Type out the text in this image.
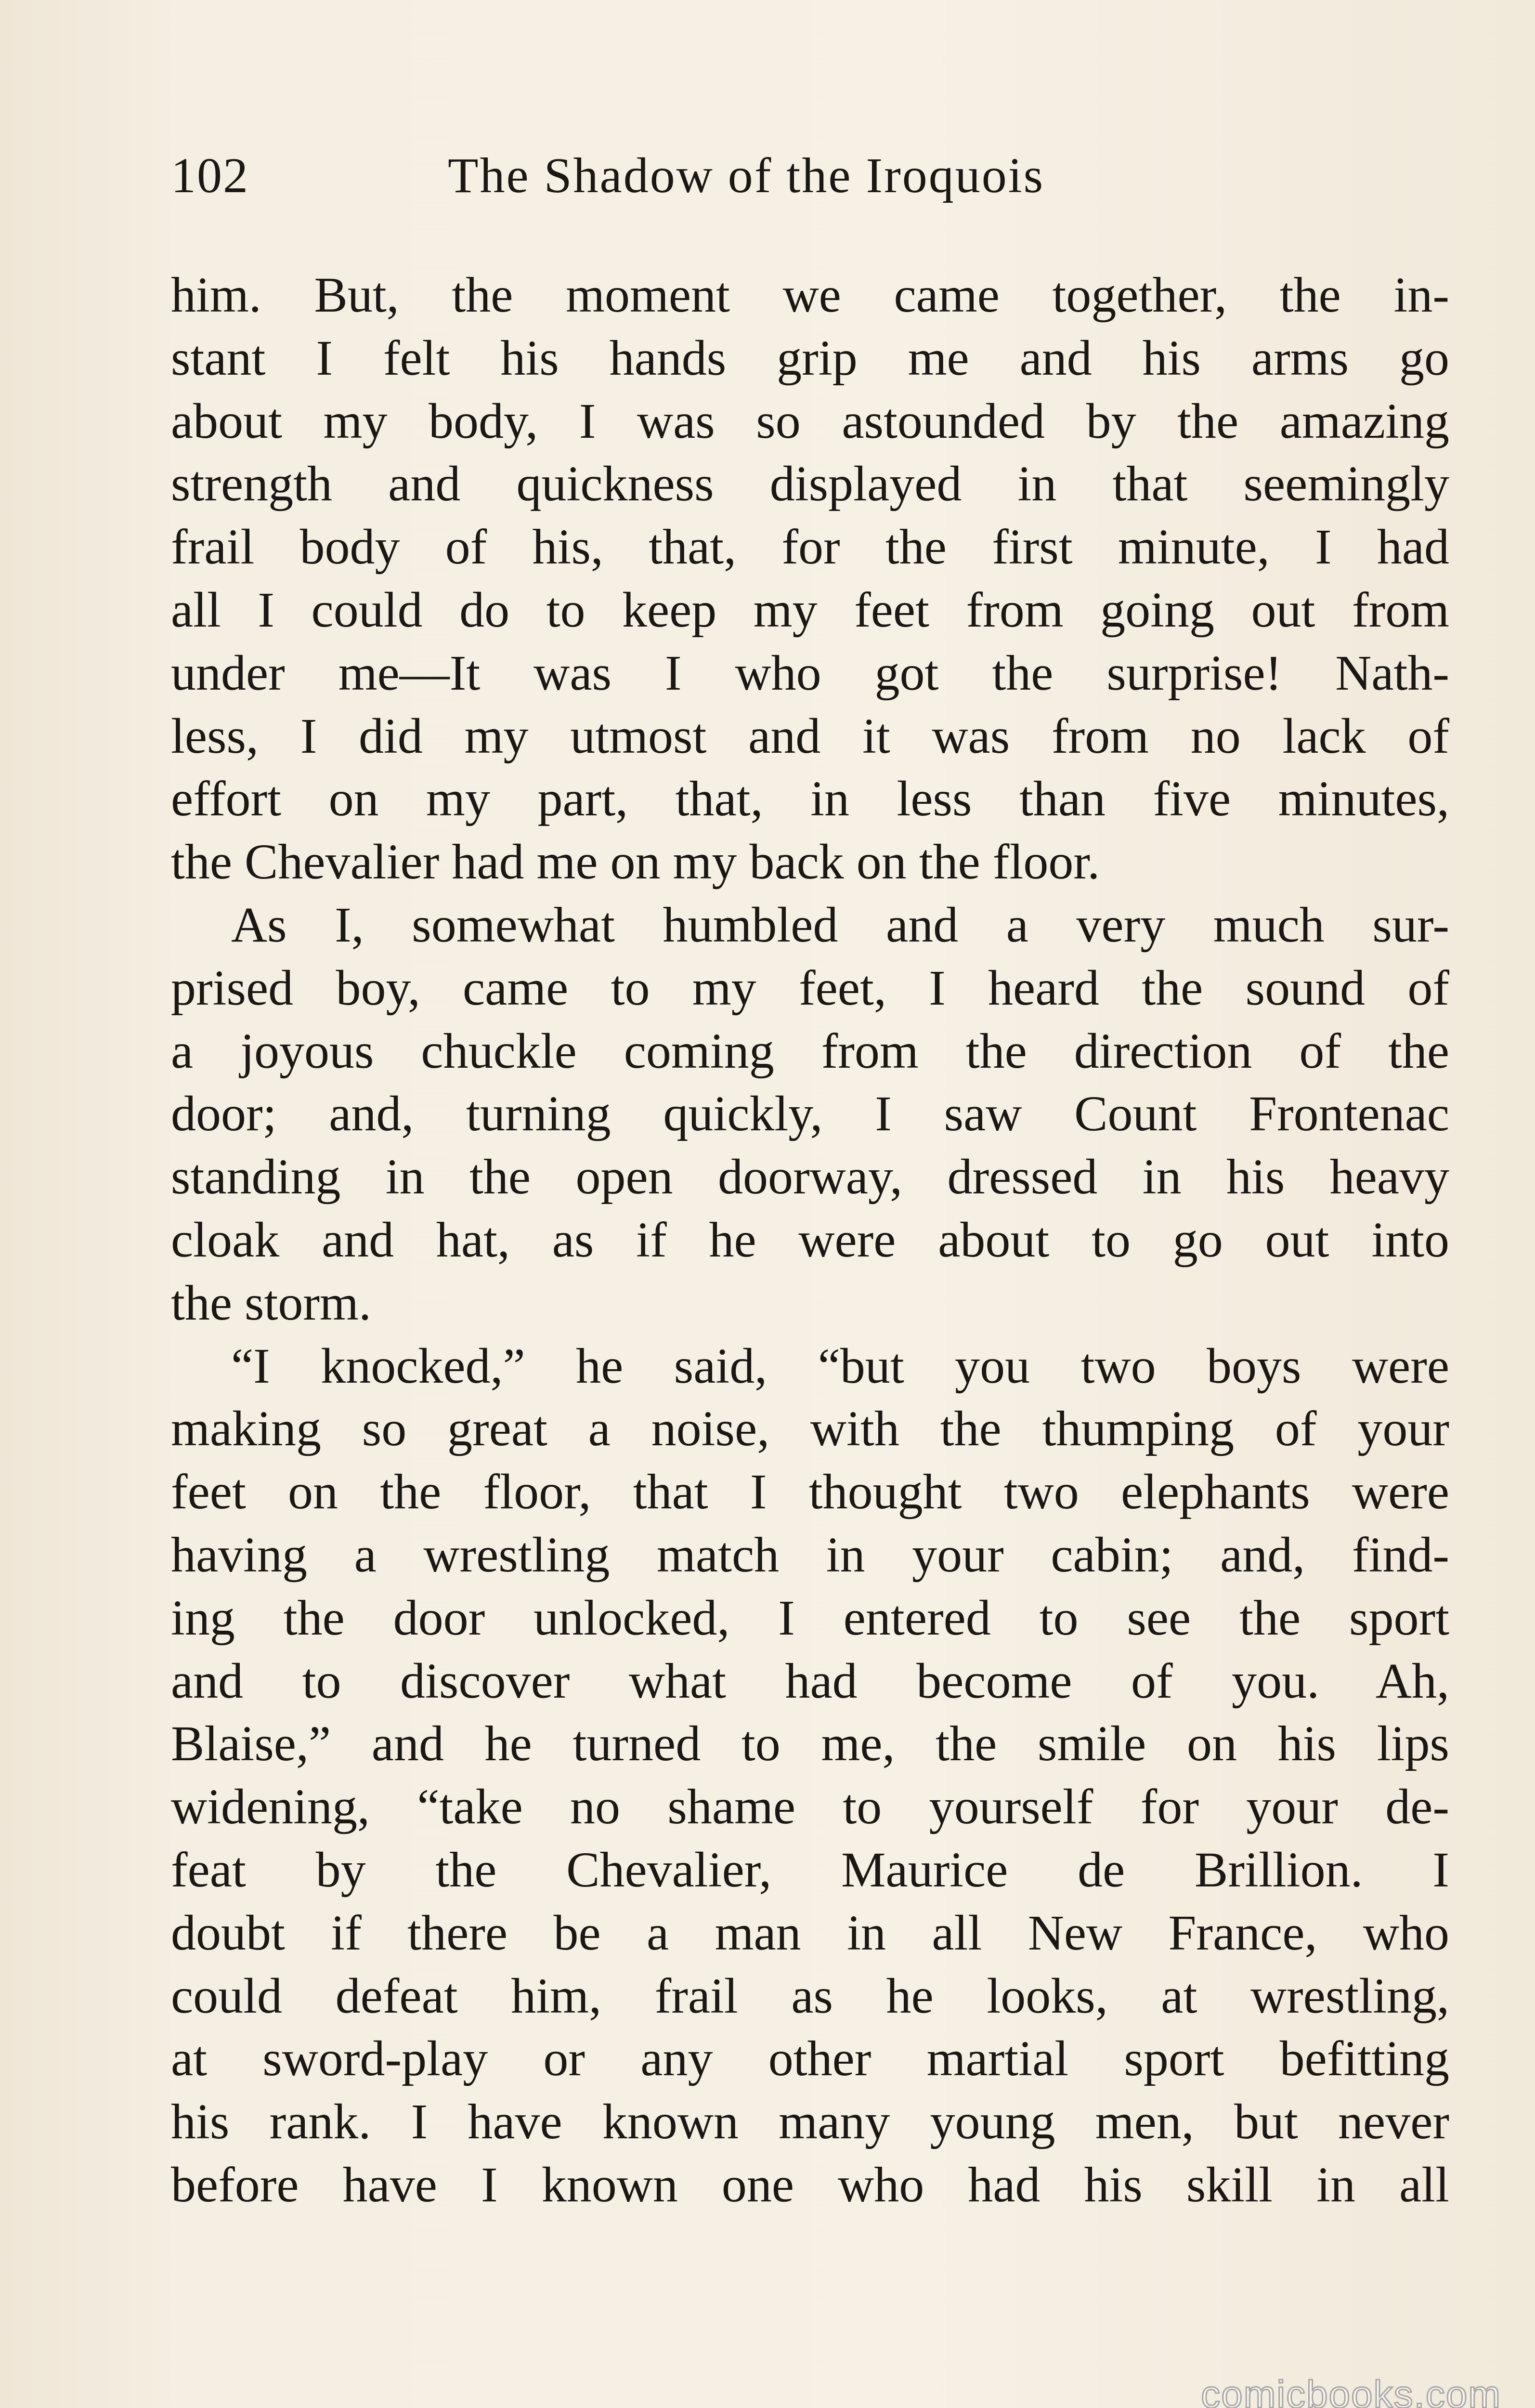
102	The Shadow of the Iroquois
him. But, the moment we came together, the in-
stant I felt his hands grip me and his arms go
about my body, I was so astounded by the amazing
strength and quickness displayed in that seemingly
frail body of his, that, for the first minute, I had
all I could do to keep my feet from going out from
under me—It was I who got the surprise! Nath-
less, I did my utmost and it was from no lack of
effort on my part, that, in less than five minutes,
the Chevalier had me on my back on the floor.
As I, somewhat humbled and a very much sur-
prised boy, came to my feet, I heard the sound of
a joyous chuckle coming from the direction of the
door; and, turning quickly, I saw Count Frontenac
standing in the open doorway, dressed in his heavy
cloak and hat, as if he were about to go out into
the storm.
“I knocked,” he said, “but you two boys were
making so great a noise, with the thumping of your
feet on the floor, that I thought two elephants were
having a wrestling match in your cabin; and, find-
ing the door unlocked, I entered to see the sport
and to discover what had become of you. Ah,
Blaise,” and he turned to me, the smile on his lips
widening, “take no shame to yourself for your de-
feat by the Chevalier, Maurice de Brillion. I
doubt if there be a man in all New France, who
could defeat him, frail as he looks, at wrestling,
at sword-play or any other martial sport befitting
his rank. I have known many young men, but never
before have I known one who had his skill in all
comicbooks.com
